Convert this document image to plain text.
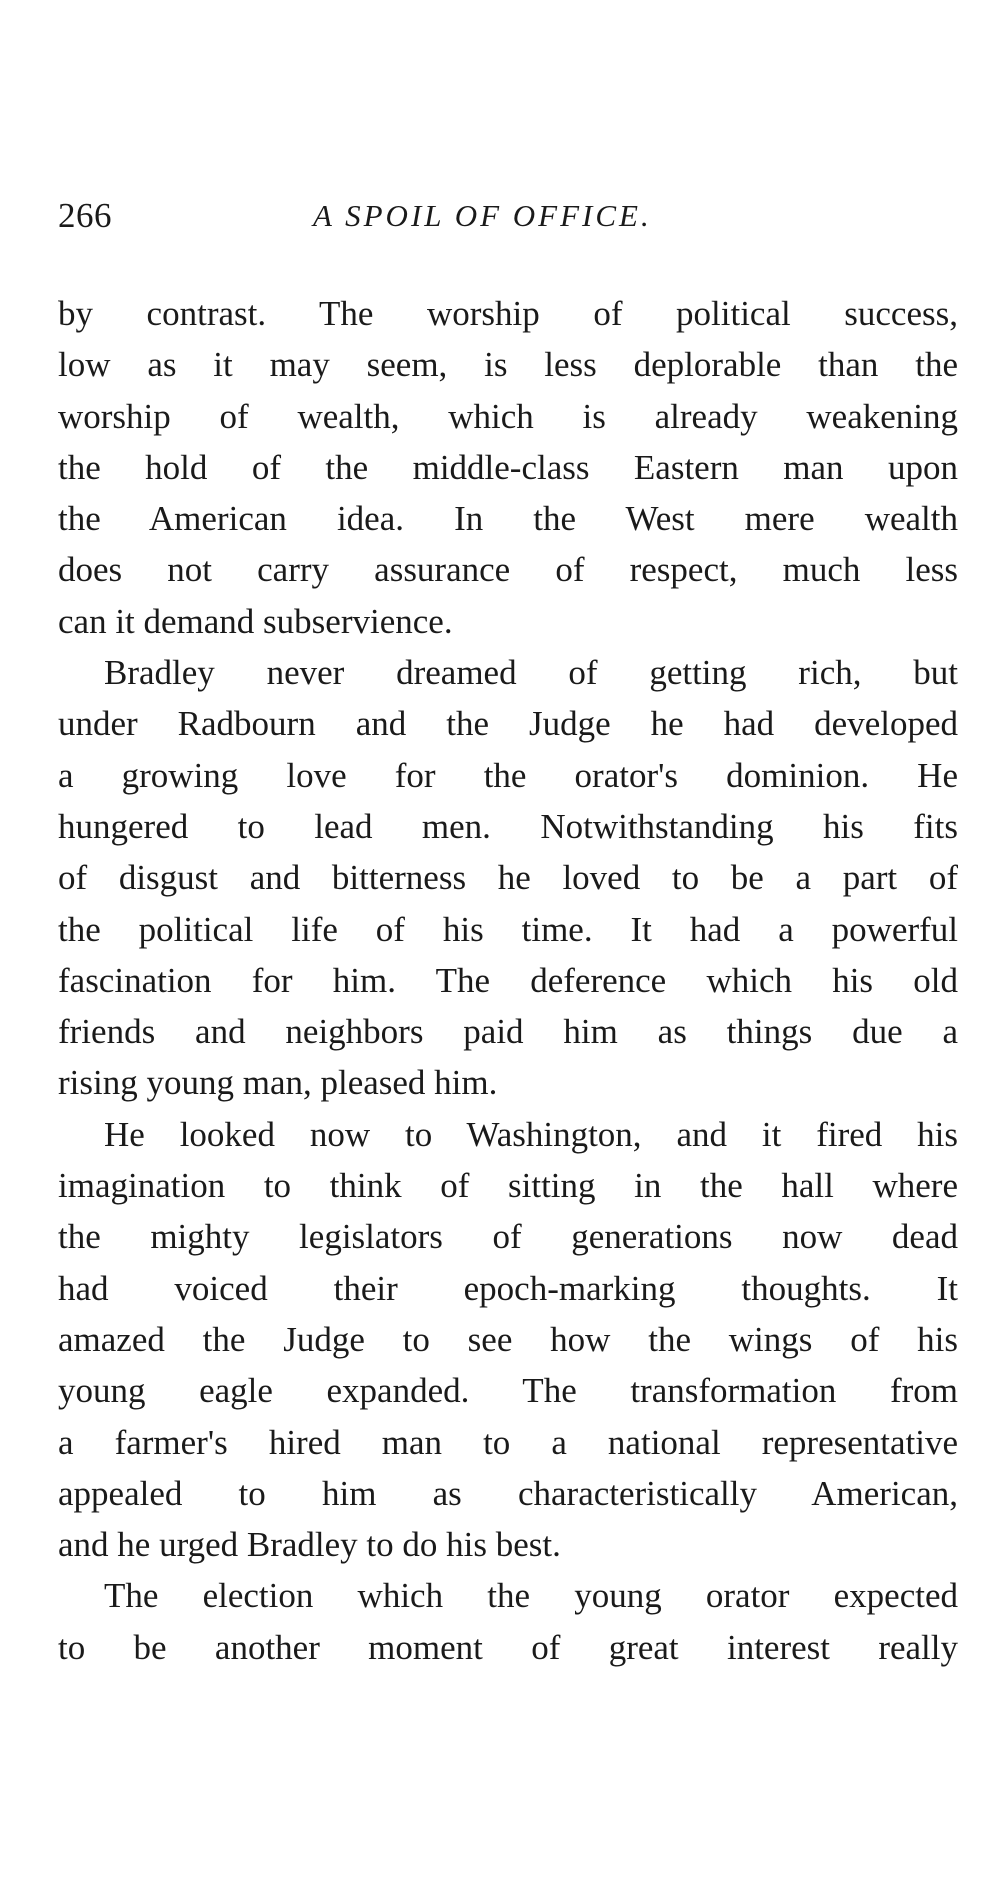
266	A SPOIL OF OFFICE.

by contrast. The worship of political success,
low as it may seem, is less deplorable than the
worship of wealth, which is already weakening
the hold of the middle-class Eastern man upon
the American idea. In the West mere wealth
does not carry assurance of respect, much less
can it demand subservience.

Bradley never dreamed of getting rich, but
under Radbourn and the Judge he had developed
a growing love for the orator's dominion. He
hungered to lead men. Notwithstanding his fits
of disgust and bitterness he loved to be a part of
the political life of his time. It had a powerful
fascination for him. The deference which his old
friends and neighbors paid him as things due a
rising young man, pleased him.

He looked now to Washington, and it fired his
imagination to think of sitting in the hall where
the mighty legislators of generations now dead
had voiced their epoch-marking thoughts. It
amazed the Judge to see how the wings of his
young eagle expanded. The transformation from
a farmer's hired man to a national representative
appealed to him as characteristically American,
and he urged Bradley to do his best.

The election which the young orator expected
to be another moment of great interest really
